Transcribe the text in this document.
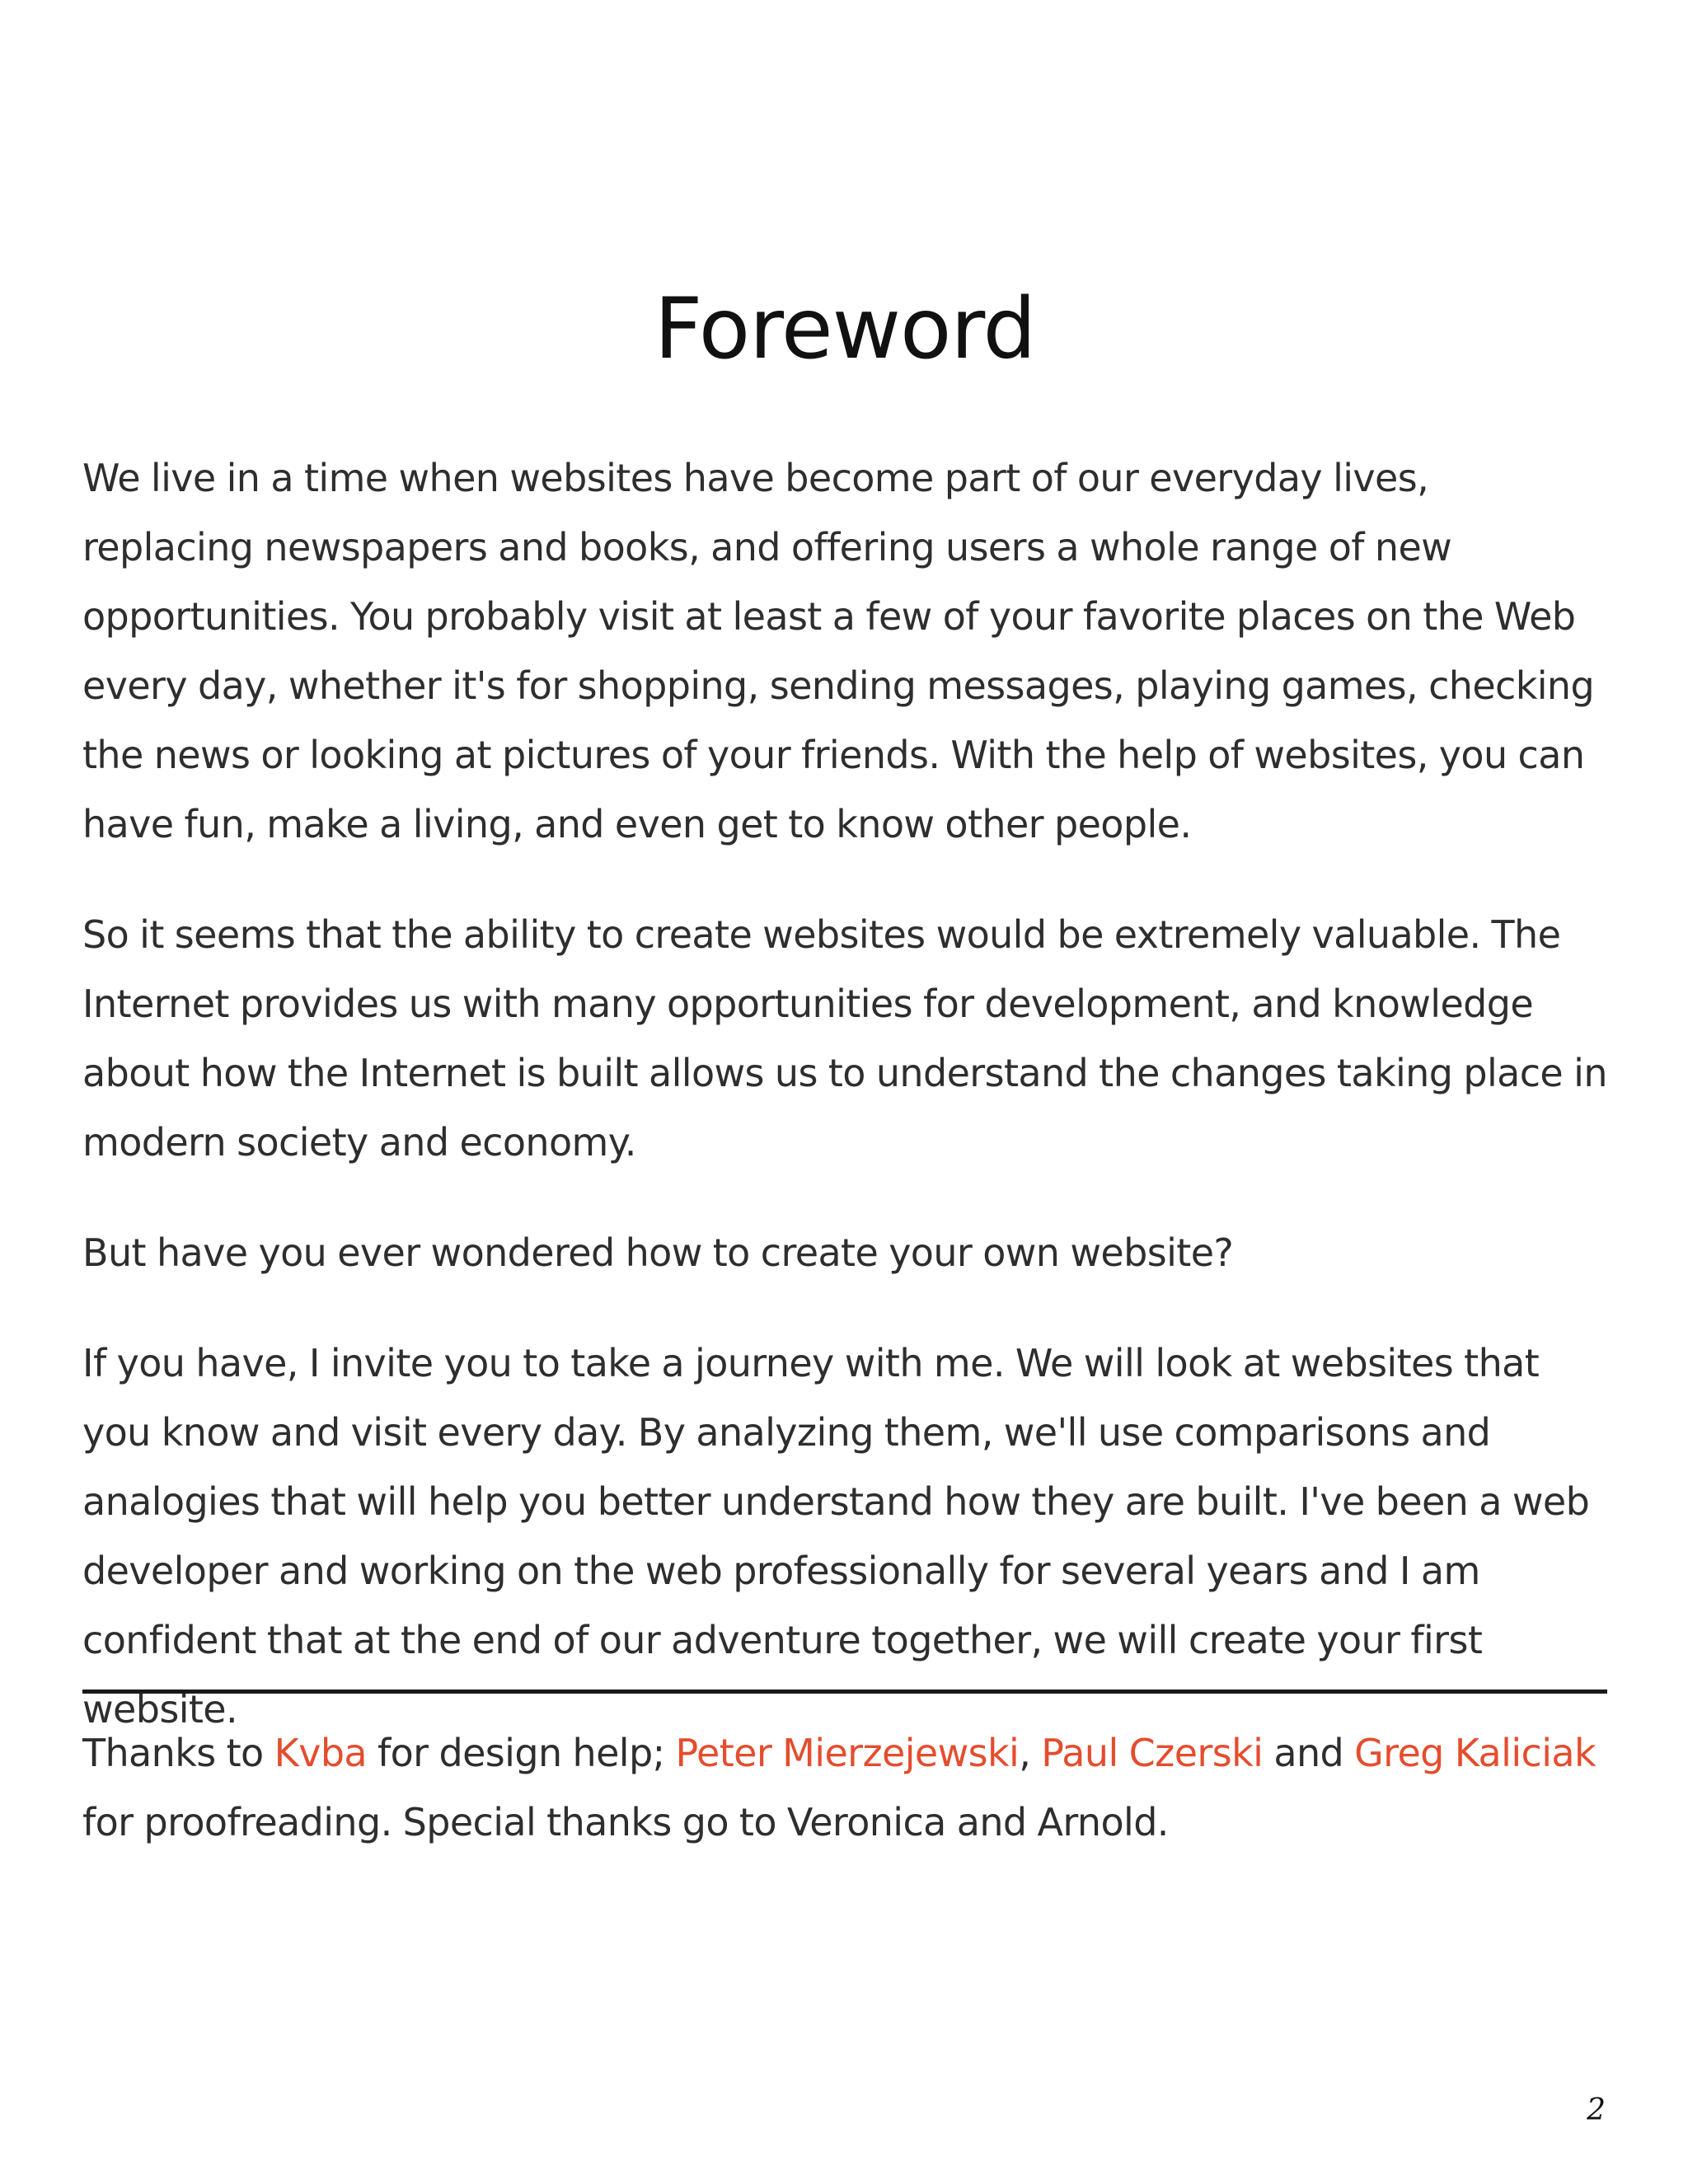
Foreword

We live in a time when websites have become part of our everyday lives, replacing newspapers and books, and offering users a whole range of new opportunities. You probably visit at least a few of your favorite places on the Web every day, whether it's for shopping, sending messages, playing games, checking the news or looking at pictures of your friends. With the help of websites, you can have fun, make a living, and even get to know other people.

So it seems that the ability to create websites would be extremely valuable. The Internet provides us with many opportunities for development, and knowledge about how the Internet is built allows us to understand the changes taking place in modern society and economy.

But have you ever wondered how to create your own website?

If you have, I invite you to take a journey with me. We will look at websites that you know and visit every day. By analyzing them, we'll use comparisons and analogies that will help you better understand how they are built. I've been a web developer and working on the web professionally for several years and I am confident that at the end of our adventure together, we will create your first website.

Thanks to Kvba for design help; Peter Mierzejewski, Paul Czerski and Greg Kaliciak for proofreading. Special thanks go to Veronica and Arnold.

2
